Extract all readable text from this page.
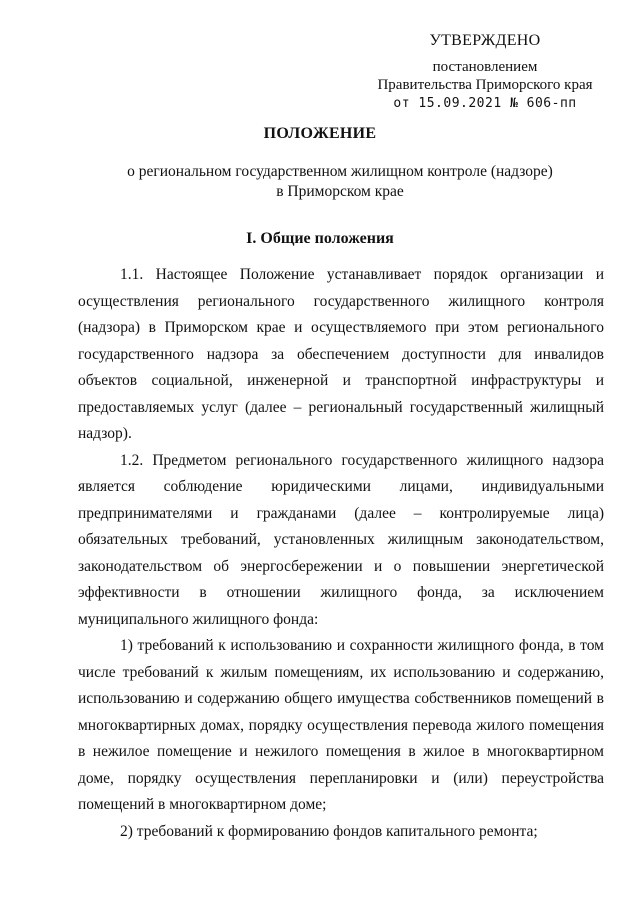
УТВЕРЖДЕНО
постановлением
Правительства Приморского края
от 15.09.2021 № 606-пп
ПОЛОЖЕНИЕ
о региональном государственном жилищном контроле (надзоре)
в Приморском крае
I. Общие положения

1.1. Настоящее Положение устанавливает порядок организации и осуществления регионального государственного жилищного контроля (надзора) в Приморском крае и осуществляемого при этом регионального государственного надзора за обеспечением доступности для инвалидов объектов социальной, инженерной и транспортной инфраструктуры и предоставляемых услуг (далее – региональный государственный жилищный надзор).

1.2. Предметом регионального государственного жилищного надзора является соблюдение юридическими лицами, индивидуальными предпринимателями и гражданами (далее – контролируемые лица) обязательных требований, установленных жилищным законодательством, законодательством об энергосбережении и о повышении энергетической эффективности в отношении жилищного фонда, за исключением муниципального жилищного фонда:

1) требований к использованию и сохранности жилищного фонда, в том числе требований к жилым помещениям, их использованию и содержанию, использованию и содержанию общего имущества собственников помещений в многоквартирных домах, порядку осуществления перевода жилого помещения в нежилое помещение и нежилого помещения в жилое в многоквартирном доме, порядку осуществления перепланировки и (или) переустройства помещений в многоквартирном доме;

2) требований к формированию фондов капитального ремонта;
